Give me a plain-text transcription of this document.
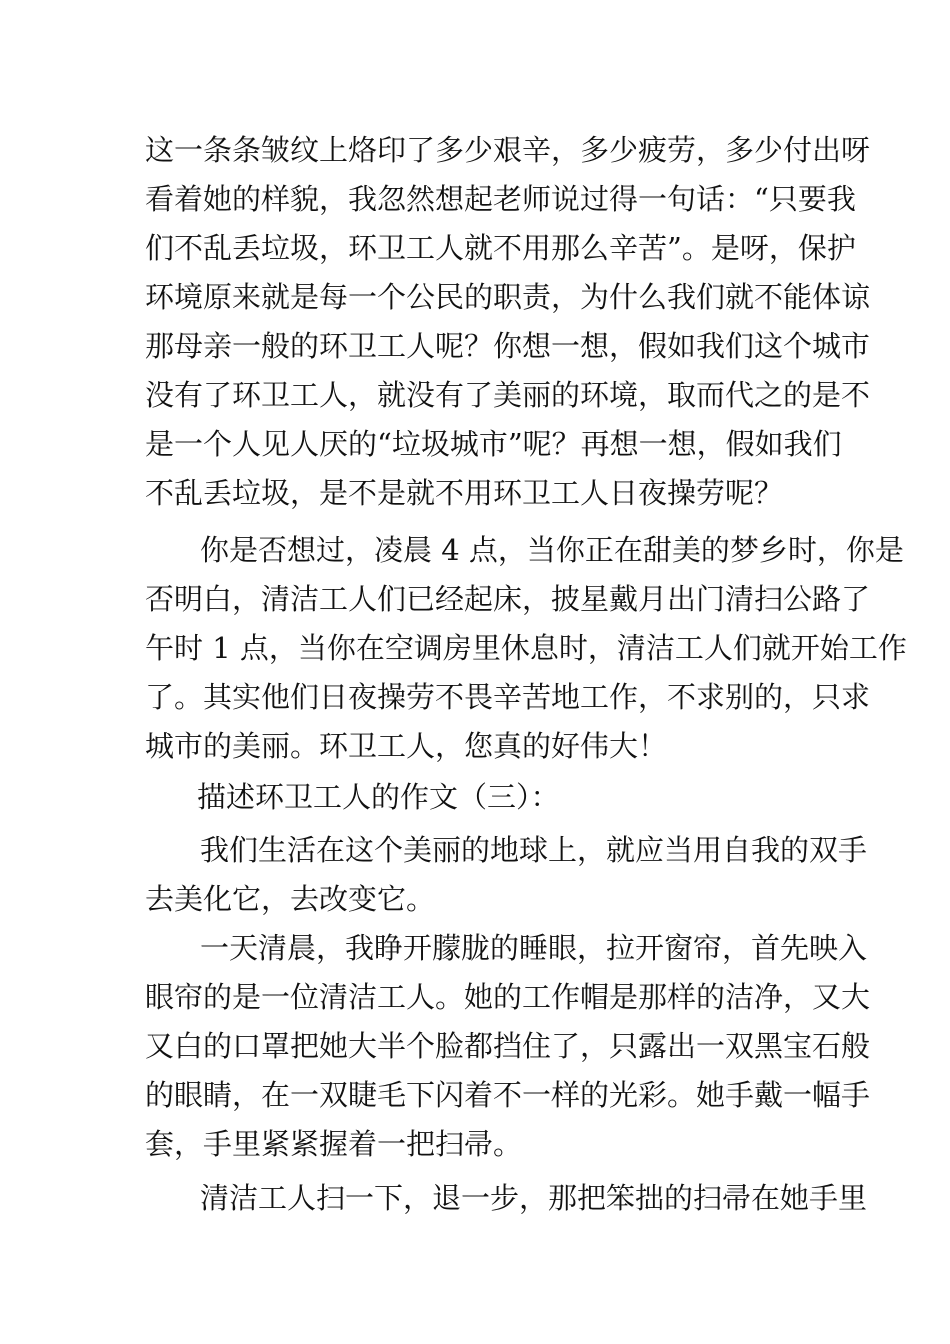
这一条条皱纹上烙印了多少艰辛，多少疲劳，多少付出呀

看着她的样貌，我忽然想起老师说过得一句话：“只要我

们不乱丢垃圾，环卫工人就不用那么辛苦”。是呀，保护

环境原来就是每一个公民的职责，为什么我们就不能体谅

那母亲一般的环卫工人呢？你想一想，假如我们这个城市

没有了环卫工人，就没有了美丽的环境，取而代之的是不

是一个人见人厌的“垃圾城市”呢？再想一想，假如我们

不乱丢垃圾，是不是就不用环卫工人日夜操劳呢？

你是否想过，凌晨 4 点，当你正在甜美的梦乡时，你是

否明白，清洁工人们已经起床，披星戴月出门清扫公路了

午时 1 点，当你在空调房里休息时，清洁工人们就开始工作

了。其实他们日夜操劳不畏辛苦地工作，不求别的，只求

城市的美丽。环卫工人，您真的好伟大！

描述环卫工人的作文（三）：

我们生活在这个美丽的地球上，就应当用自我的双手

去美化它，去改变它。

一天清晨，我睁开朦胧的睡眼，拉开窗帘，首先映入

眼帘的是一位清洁工人。她的工作帽是那样的洁净，又大

又白的口罩把她大半个脸都挡住了，只露出一双黑宝石般

的眼睛，在一双睫毛下闪着不一样的光彩。她手戴一幅手

套，手里紧紧握着一把扫帚。

清洁工人扫一下，退一步，那把笨拙的扫帚在她手里
